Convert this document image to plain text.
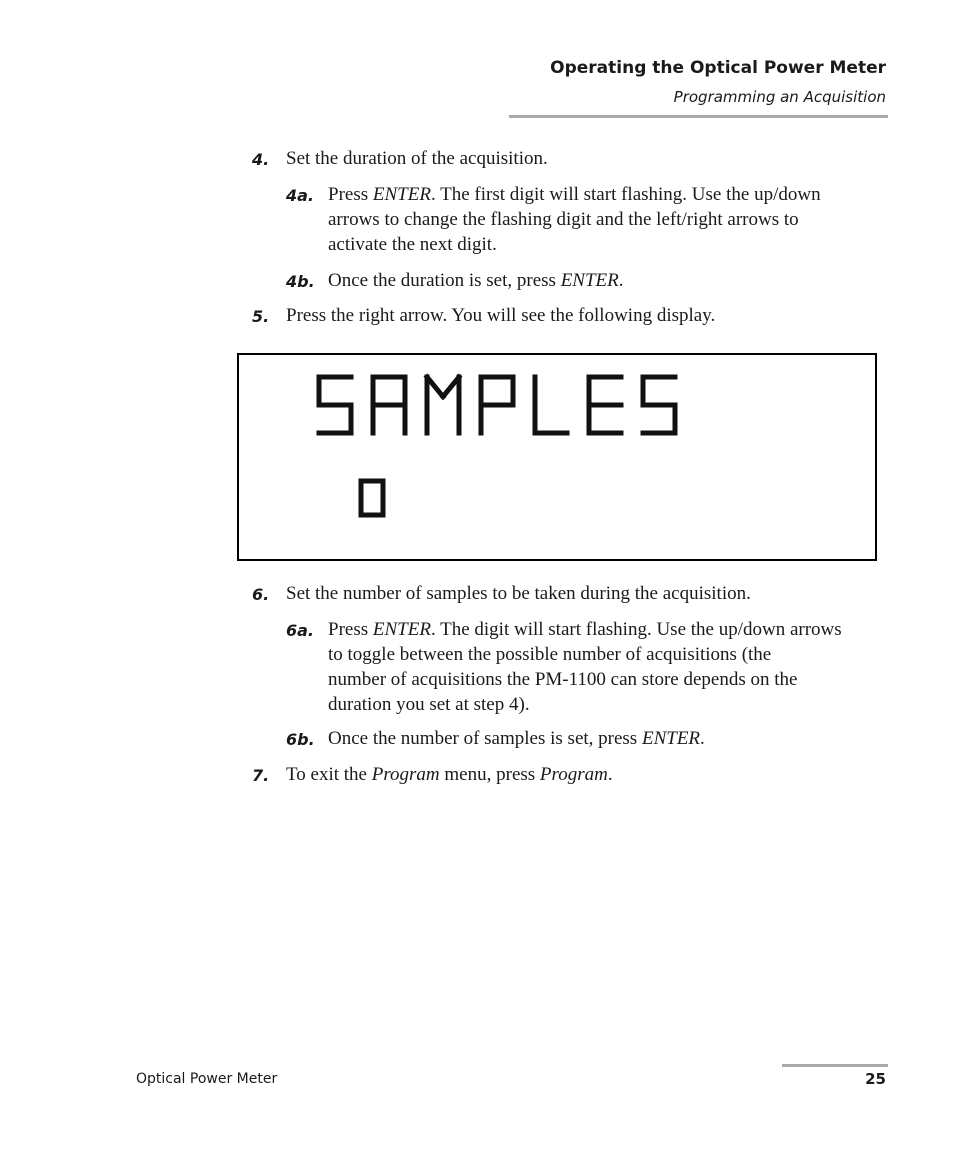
Operating the Optical Power Meter
Programming an Acquisition
4. Set the duration of the acquisition.
4a. Press ENTER. The first digit will start flashing. Use the up/down
arrows to change the flashing digit and the left/right arrows to
activate the next digit.
4b. Once the duration is set, press ENTER.
5. Press the right arrow. You will see the following display.
6. Set the number of samples to be taken during the acquisition.
6a. Press ENTER. The digit will start flashing. Use the up/down arrows
to toggle between the possible number of acquisitions (the
number of acquisitions the PM-1100 can store depends on the
duration you set at step 4).
6b. Once the number of samples is set, press ENTER.
7. To exit the Program menu, press Program.
Optical Power Meter	25
